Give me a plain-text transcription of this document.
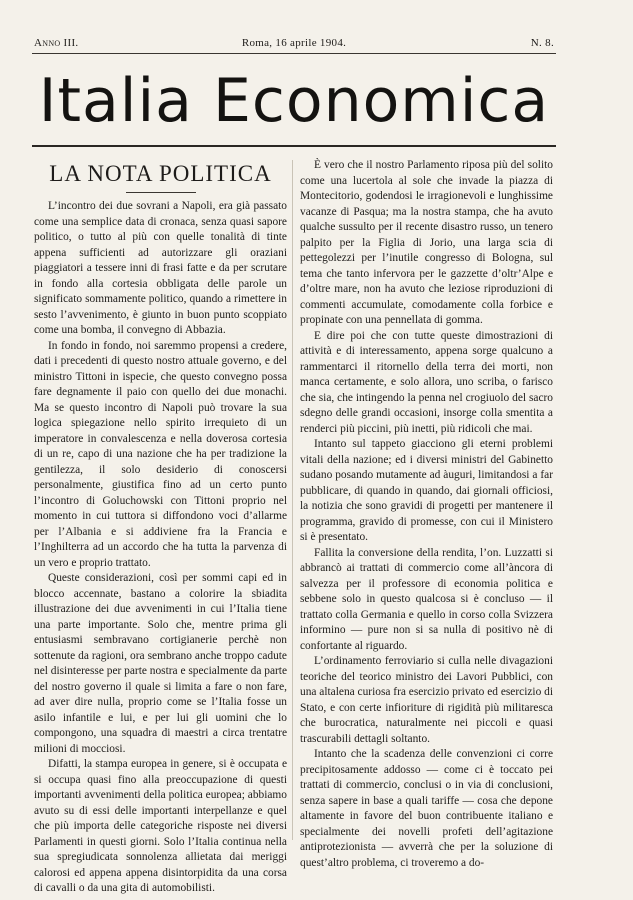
Anno III.	Roma, 16 aprile 1904.	N. 8.
Italia Economica
LA NOTA POLITICA

L’incontro dei due sovrani a Napoli, era già passato come una semplice data di cronaca, senza quasi sapore politico, o tutto al più con quelle tonalità di tinte appena sufficienti ad autorizzare gli oraziani piaggiatori a tessere inni di frasi fatte e da per scrutare in fondo alla cortesia obbligata delle parole un significato sommamente politico, quando a rimettere in sesto l’avvenimento, è giunto in buon punto scoppiato come una bomba, il convegno di Abbazia.

In fondo in fondo, noi saremmo propensi a credere, dati i precedenti di questo nostro attuale governo, e del ministro Tittoni in ispecie, che questo convegno possa fare degnamente il paio con quello dei due monachi. Ma se questo incontro di Napoli può trovare la sua logica spiegazione nello spirito irrequieto di un imperatore in convalescenza e nella doverosa cortesia di un re, capo di una nazione che ha per tradizione la gentilezza, il solo desiderio di conoscersi personalmente, giustifica fino ad un certo punto l’incontro di Goluchowski con Tittoni proprio nel momento in cui tuttora si diffondono voci d’allarme per l’Albania e si addiviene fra la Francia e l’Inghilterra ad un accordo che ha tutta la parvenza di un vero e proprio trattato.

Queste considerazioni, così per sommi capi ed in blocco accennate, bastano a colorire la sbiadita illustrazione dei due avvenimenti in cui l’Italia tiene una parte importante. Solo che, mentre prima gli entusiasmi sembravano cortigianerie perchè non sottenute da ragioni, ora sembrano anche troppo cadute nel disinteresse per parte nostra e specialmente da parte del nostro governo il quale si limita a fare o non fare, ad aver dire nulla, proprio come se l’Italia fosse un asilo infantile e lui, e per lui gli uomini che lo compongono, una squadra di maestri a circa trentatre milioni di mocciosi.

Difatti, la stampa europea in genere, si è occupata e si occupa quasi fino alla preoccupazione di questi importanti avvenimenti della politica europea; abbiamo avuto su di essi delle importanti interpellanze e quel che più importa delle categoriche risposte nei diversi Parlamenti in questi giorni. Solo l’Italia continua nella sua spregiudicata sonnolenza allietata dai meriggi calorosi ed appena appena disintorpidita da una corsa di cavalli o da una gita di automobilisti.

È vero che il nostro Parlamento riposa più del solito come una lucertola al sole che invade la piazza di Montecitorio, godendosi le irragionevoli e lunghissime vacanze di Pasqua; ma la nostra stampa, che ha avuto qualche sussulto per il recente disastro russo, un tenero palpito per la Figlia di Jorio, una larga scia di pettegolezzi per l’inutile congresso di Bologna, sul tema che tanto infervora per le gazzette d’oltr’Alpe e d’oltre mare, non ha avuto che leziose riproduzioni di commenti accumulate, comodamente colla forbice e propinate con una pennellata di gomma.

E dire poi che con tutte queste dimostrazioni di attività e di interessamento, appena sorge qualcuno a rammentarci il ritornello della terra dei morti, non manca certamente, e solo allora, uno scriba, o farisco che sia, che intingendo la penna nel crogiuolo del sacro sdegno delle grandi occasioni, insorge colla smentita a renderci più piccini, più inetti, più ridicoli che mai.

Intanto sul tappeto giacciono gli eterni problemi vitali della nazione; ed i diversi ministri del Gabinetto sudano posando mutamente ad àuguri, limitandosi a far pubblicare, di quando in quando, dai giornali officiosi, la notizia che sono gravidi di progetti per mantenere il programma, gravido di promesse, con cui il Ministero si è presentato.

Fallita la conversione della rendita, l’on. Luzzatti si abbrancò ai trattati di commercio come all’àncora di salvezza per il professore di economia politica e sebbene solo in questo qualcosa si è concluso — il trattato colla Germania e quello in corso colla Svizzera informino — pure non si sa nulla di positivo nè di confortante al riguardo.

L’ordinamento ferroviario si culla nelle divagazioni teoriche del teorico ministro dei Lavori Pubblici, con una altalena curiosa fra esercizio privato ed esercizio di Stato, e con certe infioriture di rigidità più militaresca che burocratica, naturalmente nei piccoli e quasi trascurabili dettagli soltanto.

Intanto che la scadenza delle convenzioni ci corre precipitosamente addosso — come ci è toccato pei trattati di commercio, conclusi o in via di conclusioni, senza sapere in base a quali tariffe — cosa che depone altamente in favore del buon contribuente italiano e specialmente dei novelli profeti dell’agitazione antiprotezionista — avverrà che per la soluzione di quest’altro problema, ci troveremo a do-
